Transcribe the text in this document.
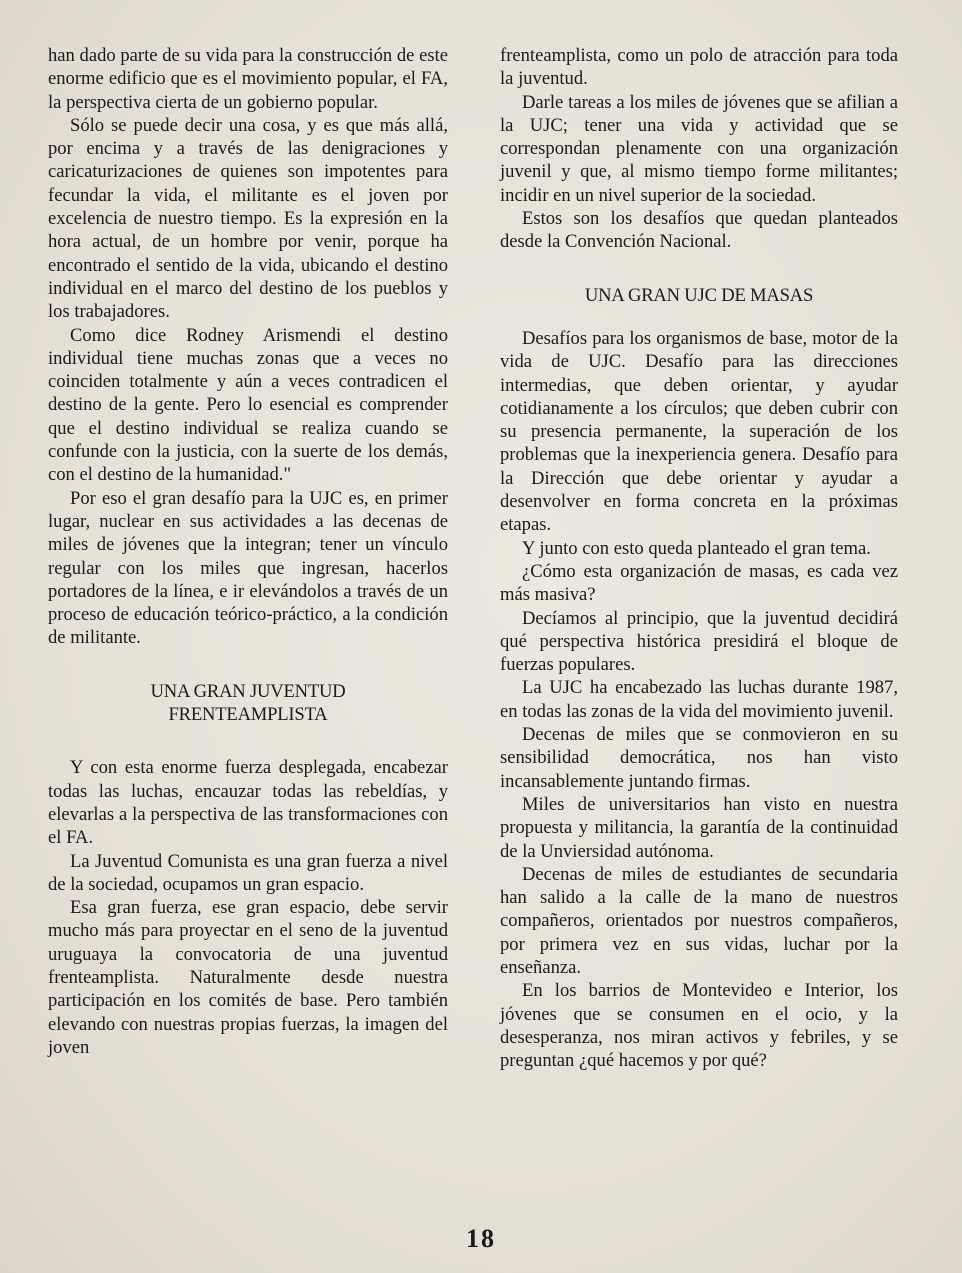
han dado parte de su vida para la construcción de este enorme edificio que es el movimiento popular, el FA, la perspectiva cierta de un gobierno popular.

Sólo se puede decir una cosa, y es que más allá, por encima y a través de las denigraciones y caricaturizaciones de quienes son impotentes para fecundar la vida, el militante es el joven por excelencia de nuestro tiempo. Es la expresión en la hora actual, de un hombre por venir, porque ha encontrado el sentido de la vida, ubicando el destino individual en el marco del destino de los pueblos y los trabajadores.

Como dice Rodney Arismendi el destino individual tiene muchas zonas que a veces no coinciden totalmente y aún a veces contradicen el destino de la gente. Pero lo esencial es comprender que el destino individual se realiza cuando se confunde con la justicia, con la suerte de los demás, con el destino de la humanidad."

Por eso el gran desafío para la UJC es, en primer lugar, nuclear en sus actividades a las decenas de miles de jóvenes que la integran; tener un vínculo regular con los miles que ingresan, hacerlos portadores de la línea, e ir elevándolos a través de un proceso de educación teórico-práctico, a la condición de militante.

UNA GRAN JUVENTUD
FRENTEAMPLISTA

Y con esta enorme fuerza desplegada, encabezar todas las luchas, encauzar todas las rebeldías, y elevarlas a la perspectiva de las transformaciones con el FA.

La Juventud Comunista es una gran fuerza a nivel de la sociedad, ocupamos un gran espacio.

Esa gran fuerza, ese gran espacio, debe servir mucho más para proyectar en el seno de la juventud uruguaya la convocatoria de una juventud frenteamplista. Naturalmente desde nuestra participación en los comités de base. Pero también elevando con nuestras propias fuerzas, la imagen del joven

frenteamplista, como un polo de atracción para toda la juventud.

Darle tareas a los miles de jóvenes que se afilian a la UJC; tener una vida y actividad que se correspondan plenamente con una organización juvenil y que, al mismo tiempo forme militantes; incidir en un nivel superior de la sociedad.

Estos son los desafíos que quedan planteados desde la Convención Nacional.

UNA GRAN UJC DE MASAS

Desafíos para los organismos de base, motor de la vida de UJC. Desafío para las direcciones intermedias, que deben orientar, y ayudar cotidianamente a los círculos; que deben cubrir con su presencia permanente, la superación de los problemas que la inexperiencia genera. Desafío para la Dirección que debe orientar y ayudar a desenvolver en forma concreta en la próximas etapas.

Y junto con esto queda planteado el gran tema.

¿Cómo esta organización de masas, es cada vez más masiva?

Decíamos al principio, que la juventud decidirá qué perspectiva histórica presidirá el bloque de fuerzas populares.

La UJC ha encabezado las luchas durante 1987, en todas las zonas de la vida del movimiento juvenil.

Decenas de miles que se conmovieron en su sensibilidad democrática, nos han visto incansablemente juntando firmas.

Miles de universitarios han visto en nuestra propuesta y militancia, la garantía de la continuidad de la Unviersidad autónoma.

Decenas de miles de estudiantes de secundaria han salido a la calle de la mano de nuestros compañeros, orientados por nuestros compañeros, por primera vez en sus vidas, luchar por la enseñanza.

En los barrios de Montevideo e Interior, los jóvenes que se consumen en el ocio, y la desesperanza, nos miran activos y febriles, y se preguntan ¿qué hacemos y por qué?

18
